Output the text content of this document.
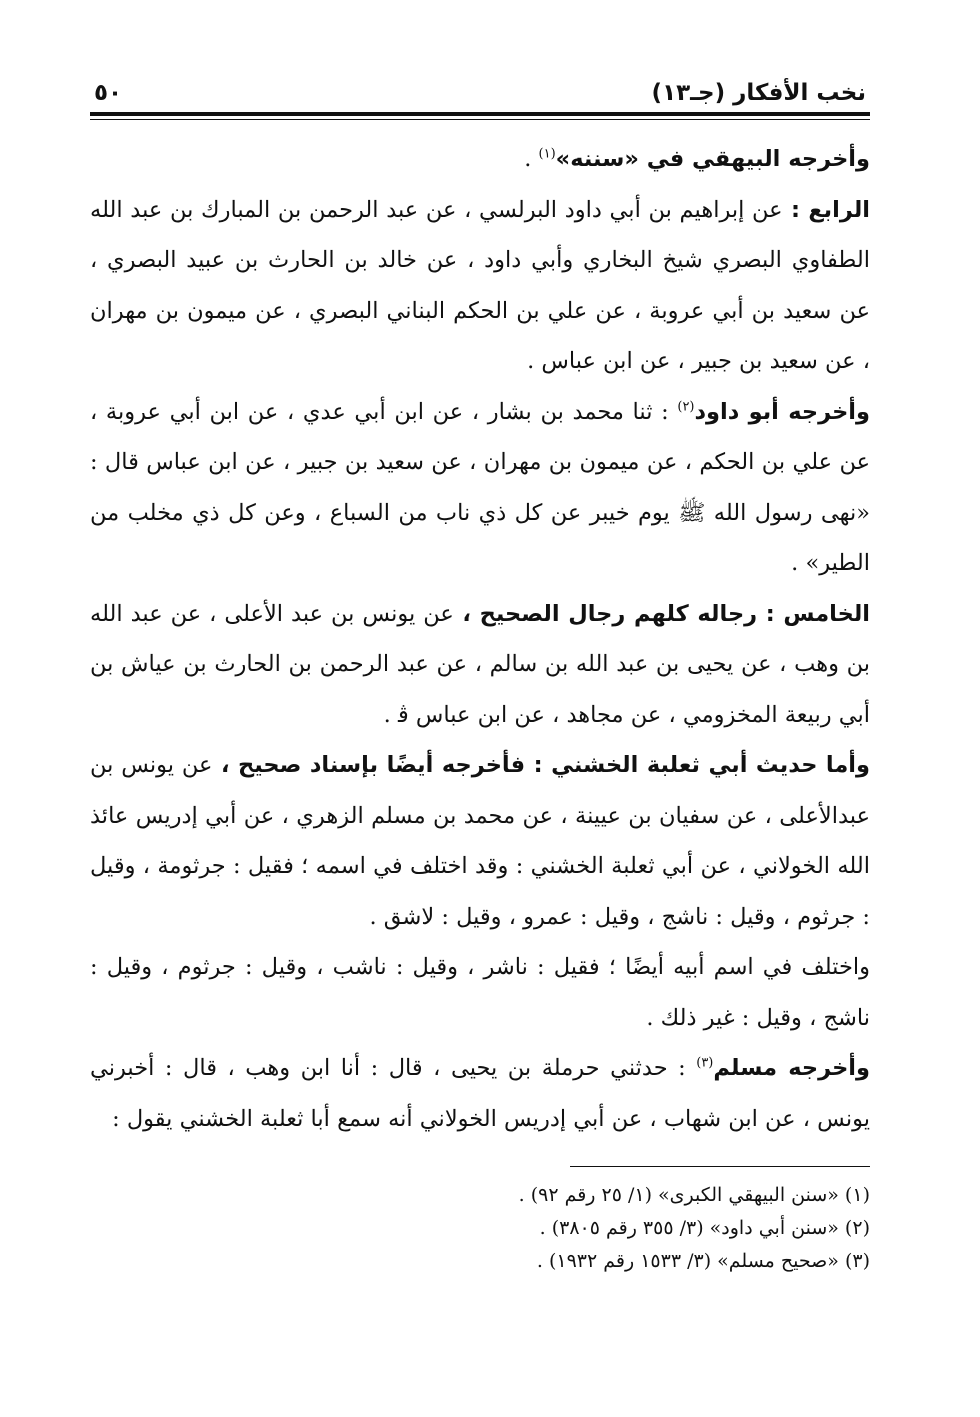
نخب الأفكار (جـ١٣)
٥٠

وأخرجه البيهقي في «سننه»$^{(١)}$ .

الرابع : عن إبراهيم بن أبي داود البرلسي ، عن عبد الرحمن بن المبارك بن عبد الله الطفاوي البصري شيخ البخاري وأبي داود ، عن خالد بن الحارث بن عبيد البصري ، عن سعيد بن أبي عروبة ، عن علي بن الحكم البناني البصري ، عن ميمون بن مهران ، عن سعيد بن جبير ، عن ابن عباس .

وأخرجه أبو داود$^{(٢)}$ : ثنا محمد بن بشار ، عن ابن أبي عدي ، عن ابن أبي عروبة ، عن علي بن الحكم ، عن ميمون بن مهران ، عن سعيد بن جبير ، عن ابن عباس قال : «نهى رسول الله ﷺ يوم خيبر عن كل ذي ناب من السباع ، وعن كل ذي مخلب من الطير» .

الخامس : رجاله كلهم رجال الصحيح ، عن يونس بن عبد الأعلى ، عن عبد الله بن وهب ، عن يحيى بن عبد الله بن سالم ، عن عبد الرحمن بن الحارث بن عياش بن أبي ربيعة المخزومي ، عن مجاهد ، عن ابن عباس ﭬ .

وأما حديث أبي ثعلبة الخشني : فأخرجه أيضًا بإسناد صحيح ، عن يونس بن عبدالأعلى ، عن سفيان بن عيينة ، عن محمد بن مسلم الزهري ، عن أبي إدريس عائذ الله الخولاني ، عن أبي ثعلبة الخشني : وقد اختلف في اسمه ؛ فقيل : جرثومة ، وقيل : جرثوم ، وقيل : ناشج ، وقيل : عمرو ، وقيل : لاشق .

واختلف في اسم أبيه أيضًا ؛ فقيل : ناشر ، وقيل : ناشب ، وقيل : جرثوم ، وقيل : ناشج ، وقيل : غير ذلك .

وأخرجه مسلم$^{(٣)}$ : حدثني حرملة بن يحيى ، قال : أنا ابن وهب ، قال : أخبرني يونس ، عن ابن شهاب ، عن أبي إدريس الخولاني أنه سمع أبا ثعلبة الخشني يقول :

(١) «سنن البيهقي الكبرى» (١/ ٢٥ رقم ٩٢) .
(٢) «سنن أبي داود» (٣/ ٣٥٥ رقم ٣٨٠٥) .
(٣) «صحيح مسلم» (٣/ ١٥٣٣ رقم ١٩٣٢) .
